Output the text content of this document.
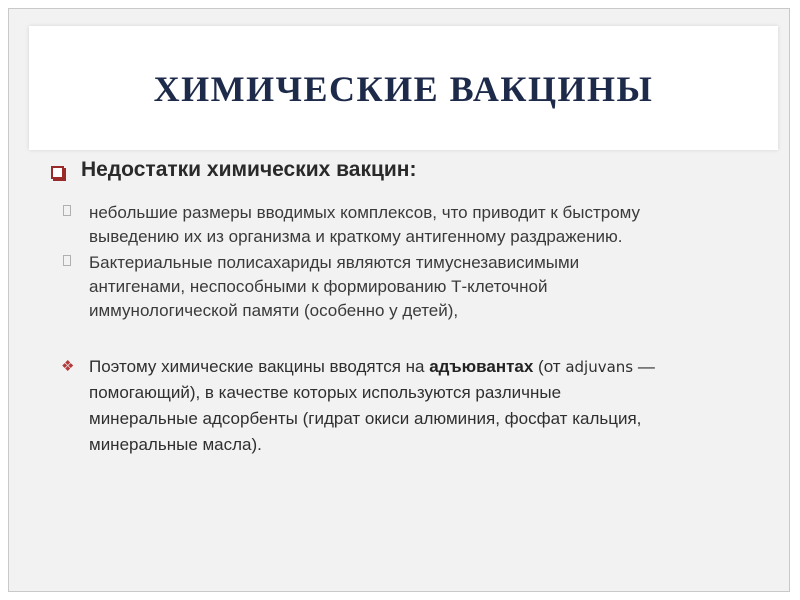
ХИМИЧЕСКИЕ ВАКЦИНЫ
Недостатки химических вакцин:
небольшие размеры вводимых комплексов, что приводит к быстрому
выведению их из организма и краткому антигенному раздражению.
Бактериальные полисахариды являются тимуснезависимыми
антигенами, неспособными к формированию Т-клеточной
иммунологической памяти (особенно у детей),
❖ Поэтому химические вакцины вводятся на адъювантах (от adjuvans —
помогающий), в качестве которых используются различные
минеральные адсорбенты (гидрат окиси алюминия, фосфат кальция,
минеральные масла).
